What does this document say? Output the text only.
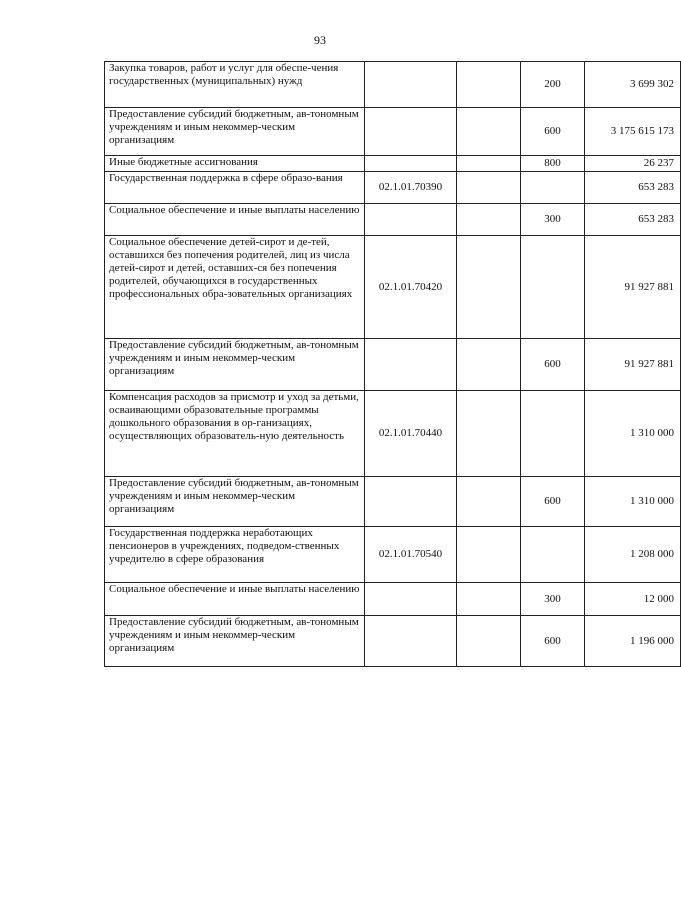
93
Закупка товаров, работ и услуг для обеспе-чения государственных (муниципальных) нужд			200	3 699 302
Предоставление субсидий бюджетным, ав-тономным учреждениям и иным некоммер-ческим организациям			600	3 175 615 173
Иные бюджетные ассигнования			800	26 237
Государственная поддержка в сфере образо-вания	02.1.01.70390			653 283
Социальное обеспечение и иные выплаты населению			300	653 283
Социальное обеспечение детей-сирот и де-тей, оставшихся без попечения родителей, лиц из числа детей-сирот и детей, оставших-ся без попечения родителей, обучающихся в государственных профессиональных обра-зовательных организациях	02.1.01.70420			91 927 881
Предоставление субсидий бюджетным, ав-тономным учреждениям и иным некоммер-ческим организациям			600	91 927 881
Компенсация расходов за присмотр и уход за детьми, осваивающими образовательные программы дошкольного образования в ор-ганизациях, осуществляющих образователь-ную деятельность	02.1.01.70440			1 310 000
Предоставление субсидий бюджетным, ав-тономным учреждениям и иным некоммер-ческим организациям			600	1 310 000
Государственная поддержка неработающих пенсионеров в учреждениях, подведом-ственных учредителю в сфере образования	02.1.01.70540			1 208 000
Социальное обеспечение и иные выплаты населению			300	12 000
Предоставление субсидий бюджетным, ав-тономным учреждениям и иным некоммер-ческим организациям			600	1 196 000
